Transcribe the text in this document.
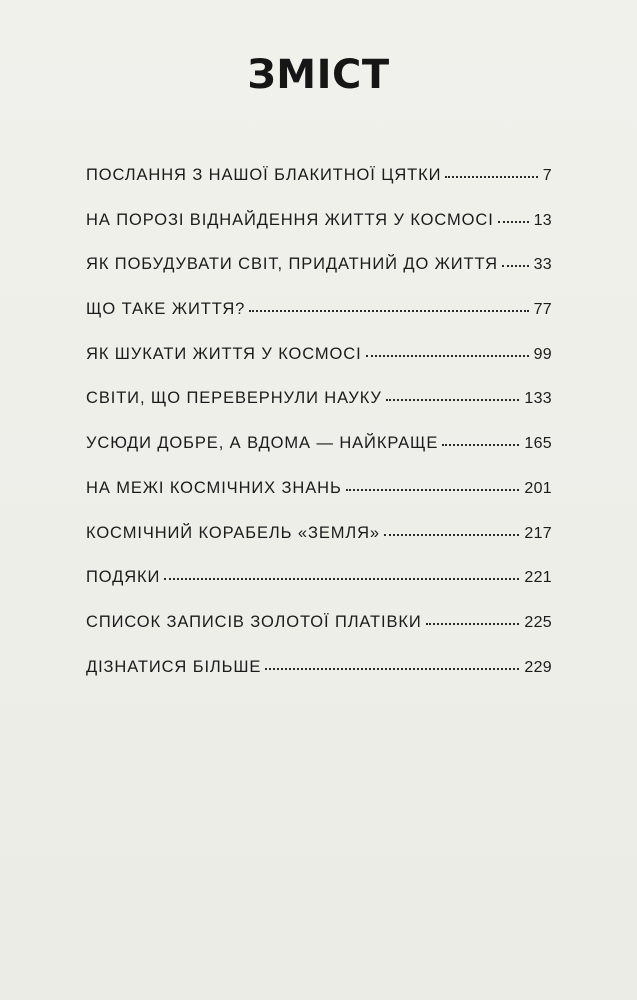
ЗМІСТ
ПОСЛАННЯ З НАШОЇ БЛАКИТНОЇ ЦЯТКИ	7
НА ПОРОЗІ ВІДНАЙДЕННЯ ЖИТТЯ У КОСМОСІ 13
ЯК ПОБУДУВАТИ СВІТ, ПРИДАТНИЙ ДО ЖИТТЯ 33
ЩО ТАКЕ ЖИТТЯ?	77
ЯК ШУКАТИ ЖИТТЯ У КОСМОСІ	99
СВІТИ, ЩО ПЕРЕВЕРНУЛИ НАУКУ	133
УСЮДИ ДОБРЕ, А ВДОМА — НАЙКРАЩЕ	165
НА МЕЖІ КОСМІЧНИХ ЗНАНЬ	201
КОСМІЧНИЙ КОРАБЕЛЬ «ЗЕМЛЯ»	217
ПОДЯКИ	221
СПИСОК ЗАПИСІВ ЗОЛОТОЇ ПЛАТІВКИ	225
ДІЗНАТИСЯ БІЛЬШЕ	229
